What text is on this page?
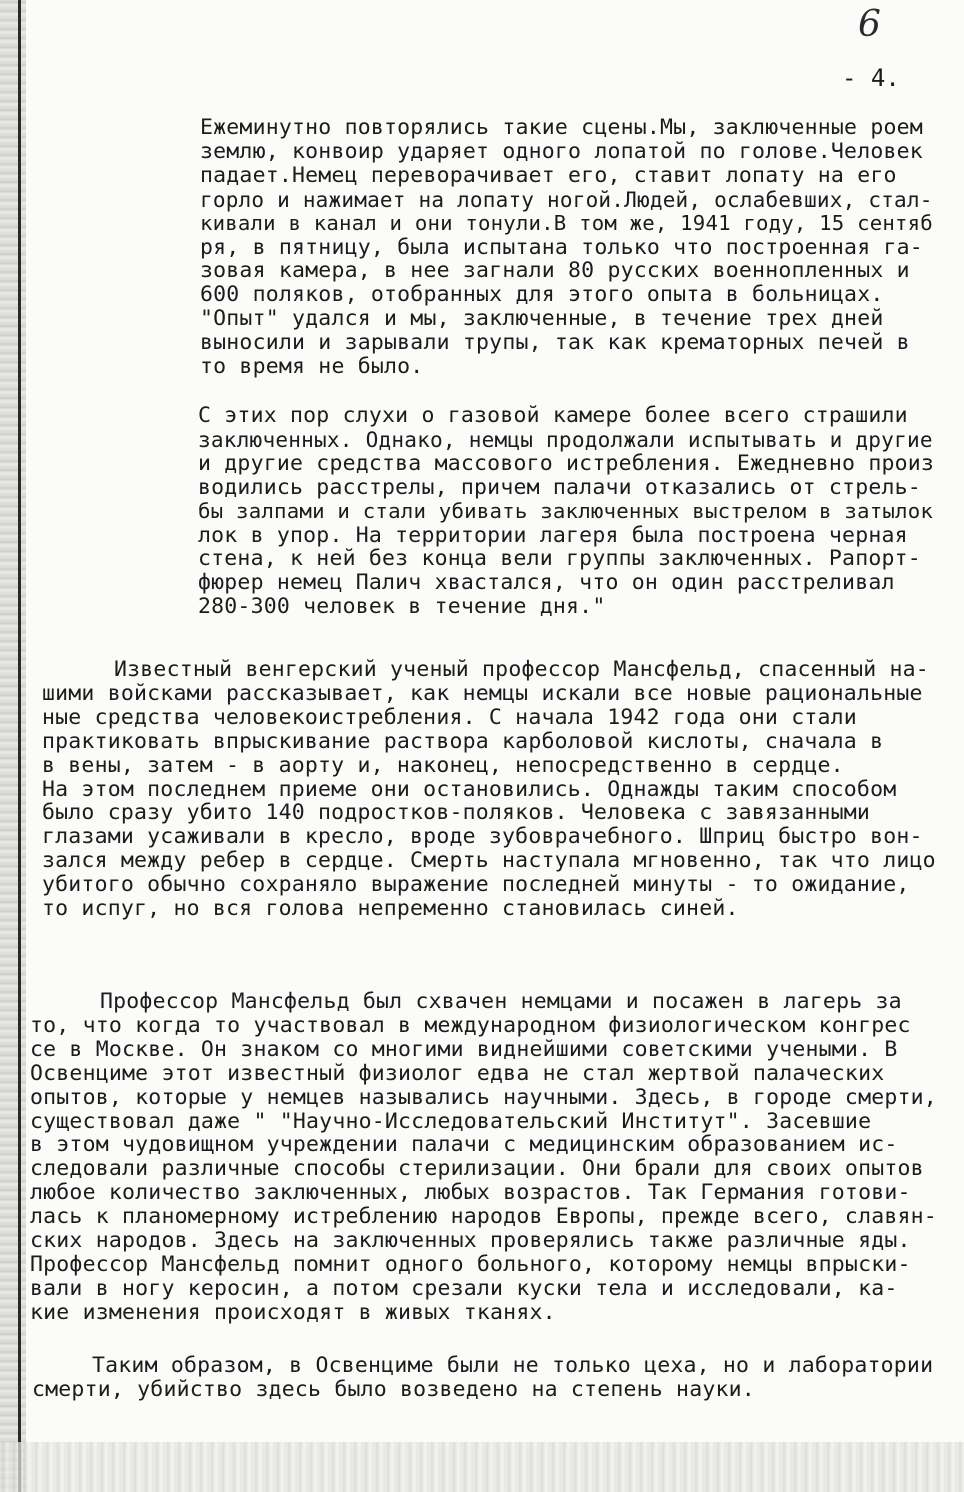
6
- 4.
Ежеминутно повторялись такие сцены.Мы, заключенные роем
землю, конвоир ударяет одного лопатой по голове.Человек
падает.Немец переворачивает его, ставит лопату на его
горло и нажимает на лопату ногой.Людей, ослабевших, стал-
кивали в канал и они тонули.В том же, 1941 году, 15 сентяб
ря, в пятницу, была испытана только что построенная га-
зовая камера, в нее загнали 80 русских военнопленных и
600 поляков, отобранных для этого опыта в больницах.
"Опыт" удался и мы, заключенные, в течение трех дней
выносили и зарывали трупы, так как крематорных печей в
то время не было.
С этих пор слухи о газовой камере более всего страшили
заключенных. Однако, немцы продолжали испытывать и другие
и другие средства массового истребления. Ежедневно произ
водились расстрелы, причем палачи отказались от стрель-
бы залпами и стали убивать заключенных выстрелом в затылок
лок в упор. На территории лагеря была построена черная
стена, к ней без конца вели группы заключенных. Рапорт-
фюрер немец Палич хвастался, что он один расстреливал
280-300 человек в течение дня."
Известный венгерский ученый профессор Мансфельд, спасенный на-
шими войсками рассказывает, как немцы искали все новые рациональные
ные средства человекоистребления. С начала 1942 года они стали
практиковать впрыскивание раствора карболовой кислоты, сначала в
в вены, затем - в аорту и, наконец, непосредственно в сердце.
На этом последнем приеме они остановились. Однажды таким способом
было сразу убито 140 подростков-поляков. Человека с завязанными
глазами усаживали в кресло, вроде зубоврачебного. Шприц быстро вон-
зался между ребер в сердце. Смерть наступала мгновенно, так что лицо
убитого обычно сохраняло выражение последней минуты - то ожидание,
то испуг, но вся голова непременно становилась синей.
Профессор Мансфельд был схвачен немцами и посажен в лагерь за
то, что когда то участвовал в международном физиологическом конгрес
се в Москве. Он знаком со многими виднейшими советскими учеными. В
Освенциме этот известный физиолог едва не стал жертвой палаческих
опытов, которые у немцев назывались научными. Здесь, в городе смерти,
существовал даже " "Научно-Исследовательский Институт". Засевшие
в этом чудовищном учреждении палачи с медицинским образованием ис-
следовали различные способы стерилизации. Они брали для своих опытов
любое количество заключенных, любых возрастов. Так Германия готови-
лась к планомерному истреблению народов Европы, прежде всего, славян-
ских народов. Здесь на заключенных проверялись также различные яды.
Профессор Мансфельд помнит одного больного, которому немцы впрыски-
вали в ногу керосин, а потом срезали куски тела и исследовали, ка-
кие изменения происходят в живых тканях.
Таким образом, в Освенциме были не только цеха, но и лаборатории
смерти, убийство здесь было возведено на степень науки.
